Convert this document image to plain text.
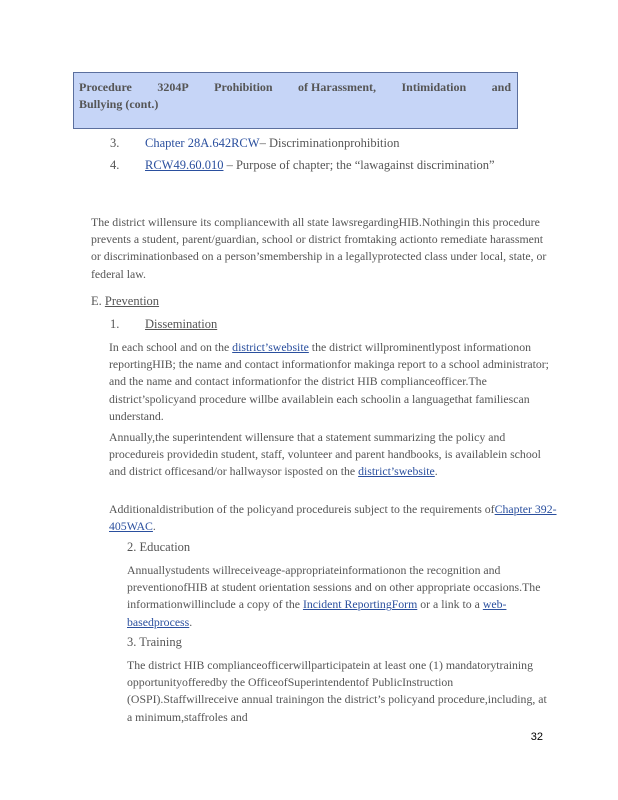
Procedure 3204P Prohibition of Harassment, Intimidation and
Bullying (cont.)
3. Chapter 28A.642RCW– Discriminationprohibition
4. RCW49.60.010 – Purpose of chapter; the “lawagainst discrimination”
The district willensure its compliancewith all state lawsregardingHIB.Nothingin this procedure prevents a student, parent/guardian, school or district fromtaking actionto remediate harassment or discriminationbased on a person’smembership in a legallyprotected class under local, state, or federal law.
E. Prevention
1. Dissemination
In each school and on the district’swebsite the district willprominentlypost informationon reportingHIB; the name and contact informationfor makinga report to a school administrator; and the name and contact informationfor the district HIB complianceofficer.The district’spolicyand procedure willbe availablein each schoolin a languagethat familiescan understand.
Annually,the superintendent willensure that a statement summarizing the policy and procedureis providedin student, staff, volunteer and parent handbooks, is availablein school and district officesand/or hallwaysor isposted on the district’swebsite.
Additionaldistribution of the policyand procedureis subject to the requirements ofChapter 392-405WAC.
2. Education
Annuallystudents willreceiveage-appropriateinformationon the recognition and preventionofHIB at student orientation sessions and on other appropriate occasions.The informationwillinclude a copy of the Incident ReportingForm or a link to a web-basedprocess.
3. Training
The district HIB complianceofficerwillparticipatein at least one (1) mandatorytraining opportunityofferedby the OfficeofSuperintendentof PublicInstruction (OSPI).Staffwillreceive annual trainingon the district’s policyand procedure,including, at a minimum,staffroles and
32
